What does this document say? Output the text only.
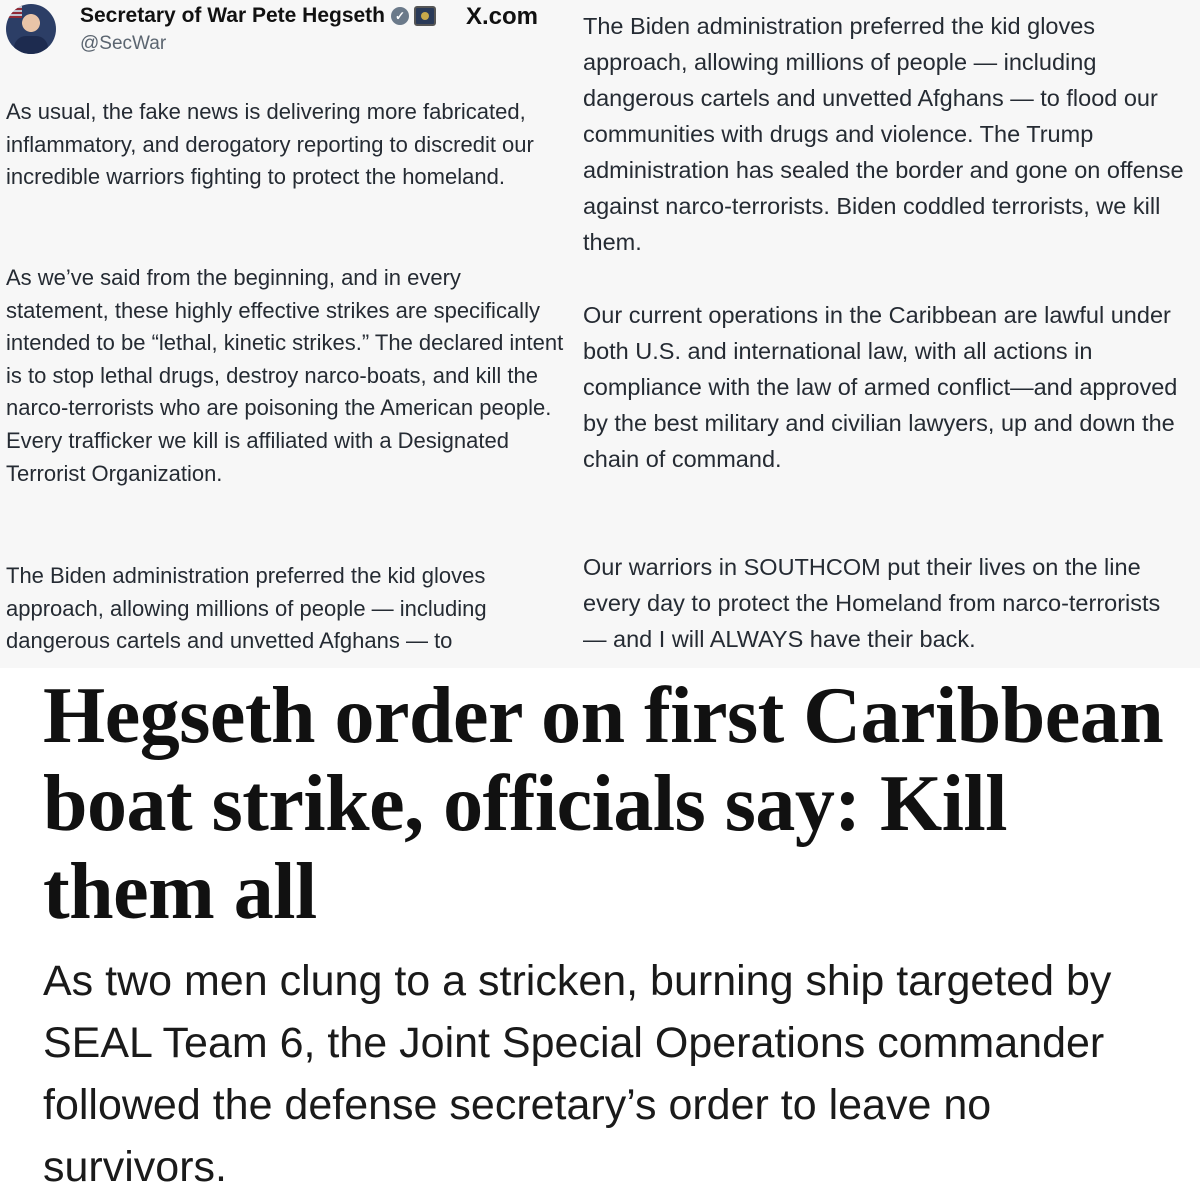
Secretary of War Pete Hegseth ✓
@SecWar
X.com

As usual, the fake news is delivering more fabricated, inflammatory, and derogatory reporting to discredit our incredible warriors fighting to protect the homeland.

As we’ve said from the beginning, and in every statement, these highly effective strikes are specifically intended to be “lethal, kinetic strikes.” The declared intent is to stop lethal drugs, destroy narco-boats, and kill the narco-terrorists who are poisoning the American people. Every trafficker we kill is affiliated with a Designated Terrorist Organization.

The Biden administration preferred the kid gloves approach, allowing millions of people — including dangerous cartels and unvetted Afghans — to

The Biden administration preferred the kid gloves approach, allowing millions of people — including dangerous cartels and unvetted Afghans — to flood our communities with drugs and violence. The Trump administration has sealed the border and gone on offense against narco-terrorists. Biden coddled terrorists, we kill them.

Our current operations in the Caribbean are lawful under both U.S. and international law, with all actions in compliance with the law of armed conflict—and approved by the best military and civilian lawyers, up and down the chain of command.

Our warriors in SOUTHCOM put their lives on the line every day to protect the Homeland from narco-terrorists — and I will ALWAYS have their back.

Hegseth order on first Caribbean boat strike, officials say: Kill them all

As two men clung to a stricken, burning ship targeted by SEAL Team 6, the Joint Special Operations commander followed the defense secretary’s order to leave no survivors.
